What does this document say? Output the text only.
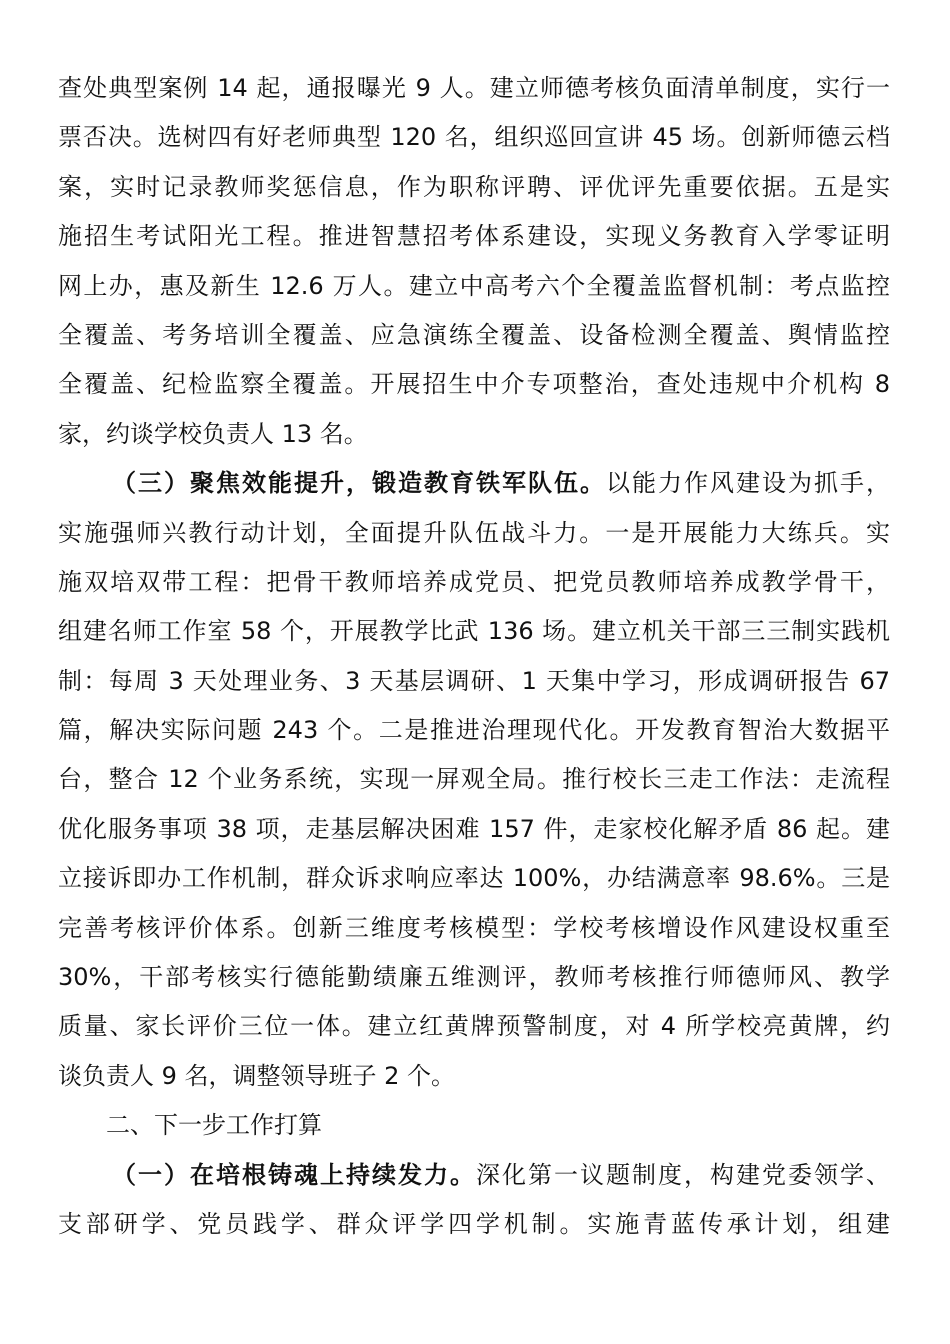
查处典型案例 14 起，通报曝光 9 人。建立师德考核负面清单制度，实行一
票否决。选树四有好老师典型 120 名，组织巡回宣讲 45 场。创新师德云档
案，实时记录教师奖惩信息，作为职称评聘、评优评先重要依据。五是实
施招生考试阳光工程。推进智慧招考体系建设，实现义务教育入学零证明
网上办，惠及新生 12.6 万人。建立中高考六个全覆盖监督机制：考点监控
全覆盖、考务培训全覆盖、应急演练全覆盖、设备检测全覆盖、舆情监控
全覆盖、纪检监察全覆盖。开展招生中介专项整治，查处违规中介机构 8
家，约谈学校负责人 13 名。
（三）聚焦效能提升，锻造教育铁军队伍。以能力作风建设为抓手，
实施强师兴教行动计划，全面提升队伍战斗力。一是开展能力大练兵。实
施双培双带工程：把骨干教师培养成党员、把党员教师培养成教学骨干，
组建名师工作室 58 个，开展教学比武 136 场。建立机关干部三三制实践机
制：每周 3 天处理业务、3 天基层调研、1 天集中学习，形成调研报告 67
篇，解决实际问题 243 个。二是推进治理现代化。开发教育智治大数据平
台，整合 12 个业务系统，实现一屏观全局。推行校长三走工作法：走流程
优化服务事项 38 项，走基层解决困难 157 件，走家校化解矛盾 86 起。建
立接诉即办工作机制，群众诉求响应率达 100%，办结满意率 98.6%。三是
完善考核评价体系。创新三维度考核模型：学校考核增设作风建设权重至
30%，干部考核实行德能勤绩廉五维测评，教师考核推行师德师风、教学
质量、家长评价三位一体。建立红黄牌预警制度，对 4 所学校亮黄牌，约
谈负责人 9 名，调整领导班子 2 个。
二、下一步工作打算
（一）在培根铸魂上持续发力。深化第一议题制度，构建党委领学、
支部研学、党员践学、群众评学四学机制。实施青蓝传承计划，组建
